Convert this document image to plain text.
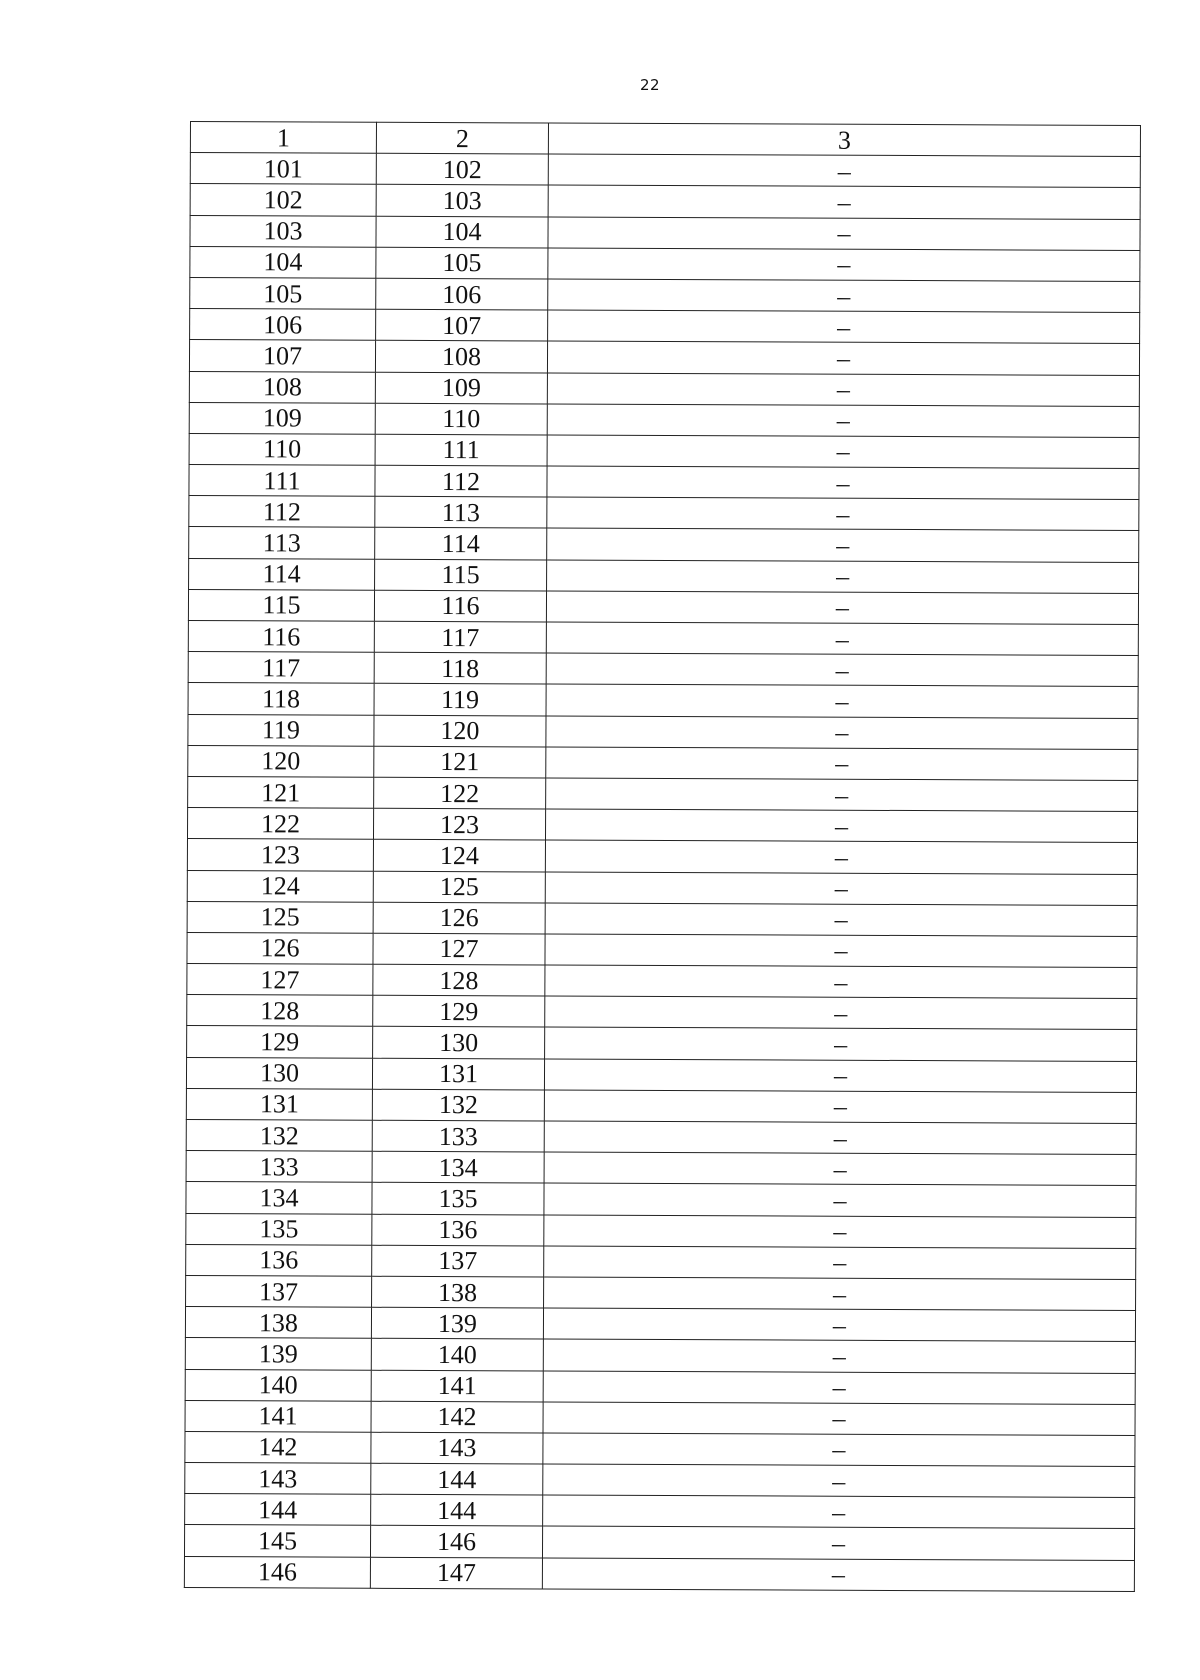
22
1	2	3
101	102	–
102	103	–
103	104	–
104	105	–
105	106	–
106	107	–
107	108	–
108	109	–
109	110	–
110	111	–
111	112	–
112	113	–
113	114	–
114	115	–
115	116	–
116	117	–
117	118	–
118	119	–
119	120	–
120	121	–
121	122	–
122	123	–
123	124	–
124	125	–
125	126	–
126	127	–
127	128	–
128	129	–
129	130	–
130	131	–
131	132	–
132	133	–
133	134	–
134	135	–
135	136	–
136	137	–
137	138	–
138	139	–
139	140	–
140	141	–
141	142	–
142	143	–
143	144	–
144	144	–
145	146	–
146	147	–
